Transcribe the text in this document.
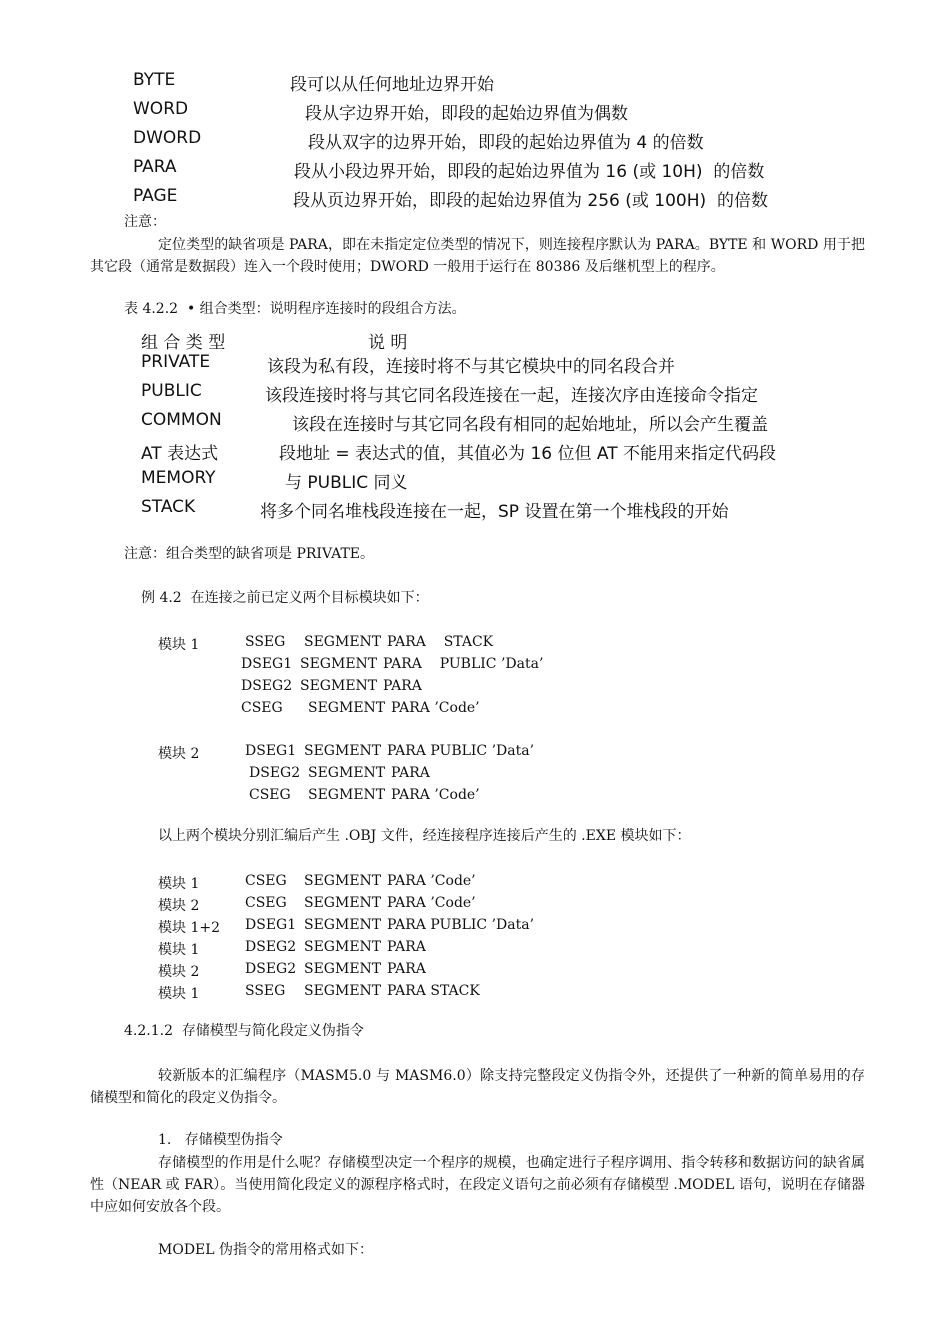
BYTE	段可以从任何地址边界开始
WORD	段从字边界开始，即段的起始边界值为偶数
DWORD	段从双字的边界开始，即段的起始边界值为 4 的倍数
PARA	段从小段边界开始，即段的起始边界值为 16 (或 10H)  的倍数
PAGE	段从页边界开始，即段的起始边界值为 256 (或 100H)  的倍数
注意：
定位类型的缺省项是 PARA，即在未指定定位类型的情况下，则连接程序默认为 PARA。BYTE 和 WORD 用于把其它段（通常是数据段）连入一个段时使用；DWORD 一般用于运行在 80386 及后继机型上的程序。
表 4.2.2  • 组合类型：说明程序连接时的段组合方法。
组 合 类 型	说 明
PRIVATE	该段为私有段，连接时将不与其它模块中的同名段合并
PUBLIC	该段连接时将与其它同名段连接在一起，连接次序由连接命令指定
COMMON	该段在连接时与其它同名段有相同的起始地址，所以会产生覆盖
AT 表达式	段地址 = 表达式的值，其值必为 16 位但 AT 不能用来指定代码段
MEMORY	与 PUBLIC 同义
STACK	将多个同名堆栈段连接在一起，SP 设置在第一个堆栈段的开始
注意：组合类型的缺省项是 PRIVATE。
例 4.2  在连接之前已定义两个目标模块如下：
模块 1	SSEG SEGMENT PARA    STACK
DSEG1 SEGMENT PARA    PUBLIC ’Data’
DSEG2 SEGMENT PARA
CSEG SEGMENT PARA ’Code’
模块 2	DSEG1 SEGMENT PARA PUBLIC ’Data’
DSEG2 SEGMENT PARA
CSEG SEGMENT PARA ’Code’
以上两个模块分别汇编后产生 .OBJ 文件，经连接程序连接后产生的 .EXE 模块如下：
模块 1	CSEG SEGMENT PARA ’Code’
模块 2	CSEG SEGMENT PARA ’Code’
模块 1+2 DSEG1 SEGMENT PARA PUBLIC ’Data’
模块 1	DSEG2 SEGMENT PARA
模块 2	DSEG2 SEGMENT PARA
模块 1	SSEG SEGMENT PARA STACK
4.2.1.2  存储模型与简化段定义伪指令
较新版本的汇编程序（MASM5.0 与 MASM6.0）除支持完整段定义伪指令外，还提供了一种新的简单易用的存储模型和简化的段定义伪指令。
1.   存储模型伪指令
存储模型的作用是什么呢？存储模型决定一个程序的规模，也确定进行子程序调用、指令转移和数据访问的缺省属性（NEAR 或 FAR）。当使用简化段定义的源程序格式时，在段定义语句之前必须有存储模型 .MODEL 语句，说明在存储器中应如何安放各个段。
MODEL 伪指令的常用格式如下：
